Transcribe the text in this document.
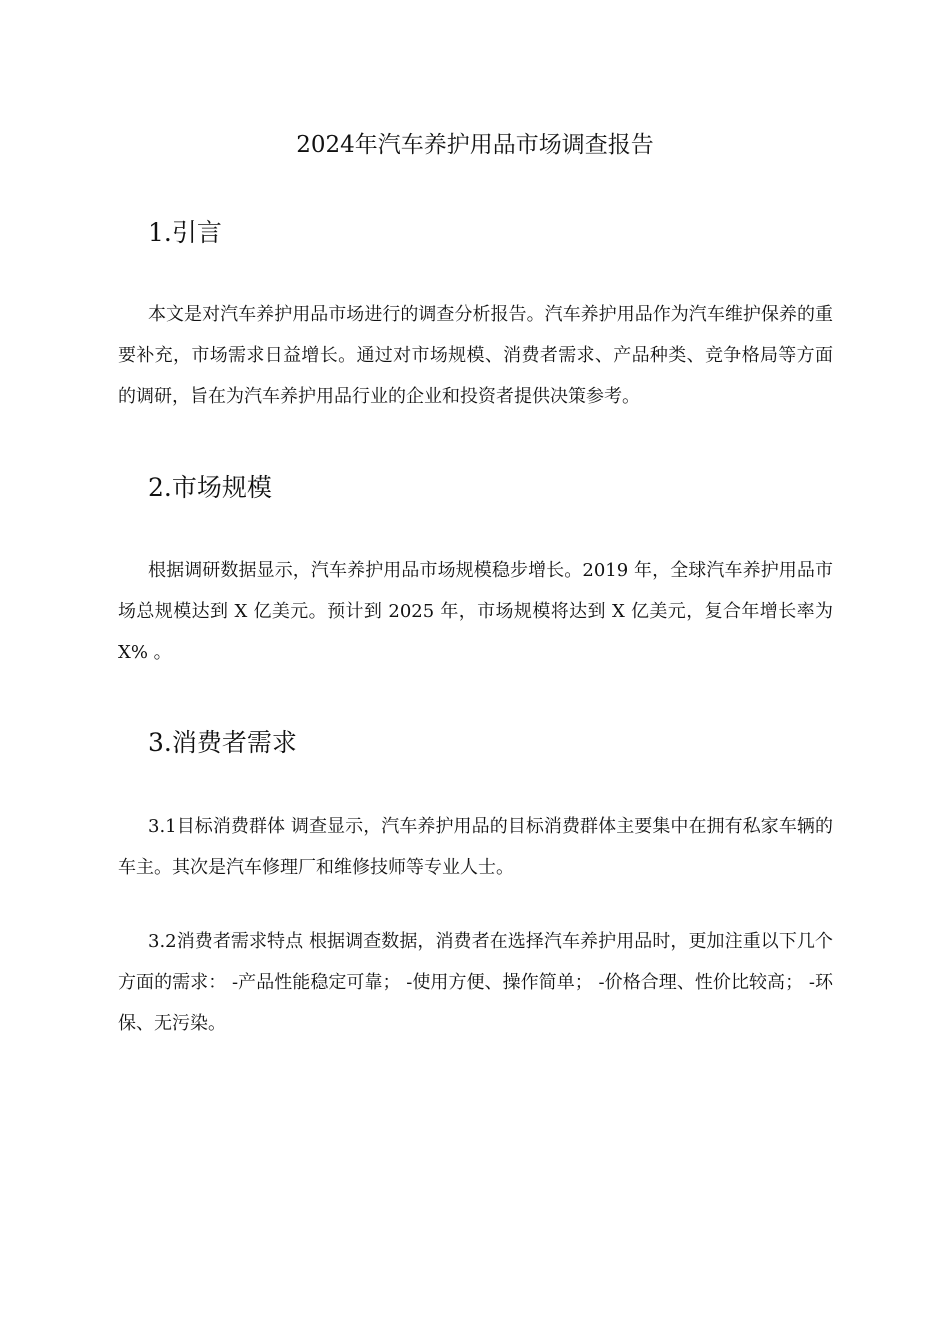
2024年汽车养护用品市场调查报告
1.引言

本文是对汽车养护用品市场进行的调查分析报告。汽车养护用品作为汽车维护保养的重要补充，市场需求日益增长。通过对市场规模、消费者需求、产品种类、竞争格局等方面的调研，旨在为汽车养护用品行业的企业和投资者提供决策参考。

2.市场规模

根据调研数据显示，汽车养护用品市场规模稳步增长。2019 年，全球汽车养护用品市场总规模达到 X 亿美元。预计到 2025 年，市场规模将达到 X 亿美元，复合年增长率为 X% 。

3.消费者需求

3.1目标消费群体 调查显示，汽车养护用品的目标消费群体主要集中在拥有私家车辆的车主。其次是汽车修理厂和维修技师等专业人士。

3.2消费者需求特点 根据调查数据，消费者在选择汽车养护用品时，更加注重以下几个方面的需求： -产品性能稳定可靠； -使用方便、操作简单； -价格合理、性价比较高； -环保、无污染。
